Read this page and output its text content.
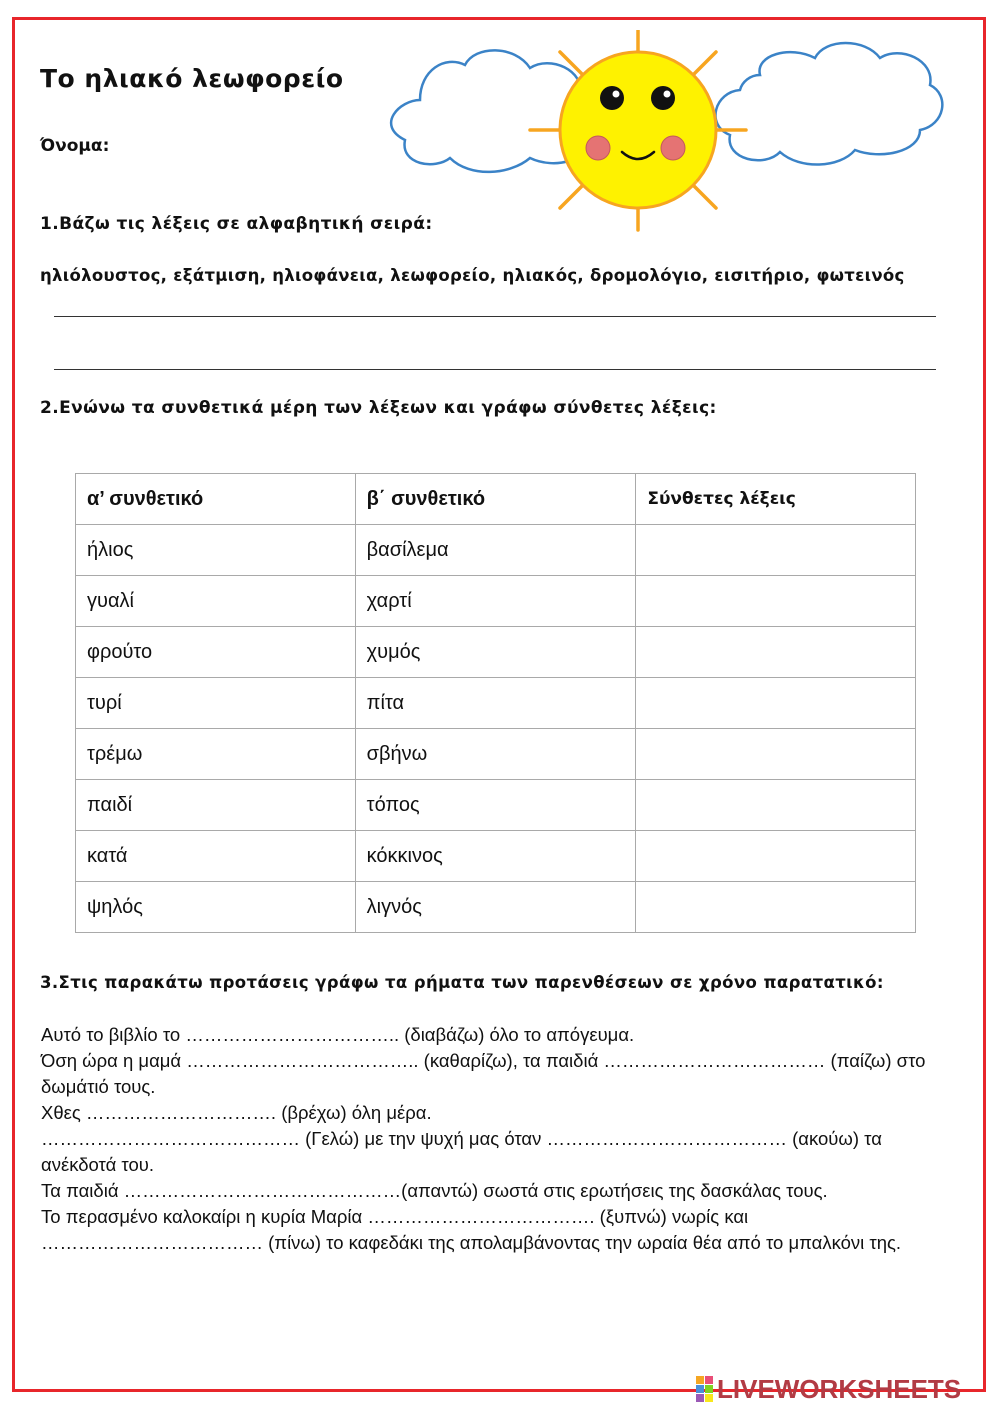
Το ηλιακό λεωφορείο
Όνομα:
1.Βάζω τις λέξεις σε αλφαβητική σειρά:
ηλιόλουστος, εξάτμιση, ηλιοφάνεια, λεωφορείο, ηλιακός, δρομολόγιο, εισιτήριο, φωτεινός
2.Ενώνω τα συνθετικά μέρη των λέξεων και γράφω σύνθετες λέξεις:
α’ συνθετικό	β΄ συνθετικό	Σύνθετες λέξεις
ήλιος	βασίλεμα	
γυαλί	χαρτί	
φρούτο	χυμός	
τυρί	πίτα	
τρέμω	σβήνω	
παιδί	τόπος	
κατά	κόκκινος	
ψηλός	λιγνός	
3.Στις παρακάτω προτάσεις γράφω τα ρήματα των παρενθέσεων σε χρόνο παρατατικό:
Αυτό το βιβλίο το …………………………….. (διαβάζω) όλο το απόγευμα.
Όση ώρα η μαμά ……………………………….. (καθαρίζω), τα παιδιά ……………………………… (παίζω) στο δωμάτιό τους.
Χθες …………………………. (βρέχω) όλη μέρα.
…………………………………… (Γελώ) με την ψυχή μας όταν ………………………………… (ακούω) τα ανέκδοτά του.
Τα παιδιά ………………………………………(απαντώ) σωστά στις ερωτήσεις της δασκάλας τους.
Το περασμένο καλοκαίρι η κυρία Μαρία ………………………………. (ξυπνώ) νωρίς και ……………………………… (πίνω) το καφεδάκι της απολαμβάνοντας την ωραία θέα από το μπαλκόνι της.
LIVEWORKSHEETS
